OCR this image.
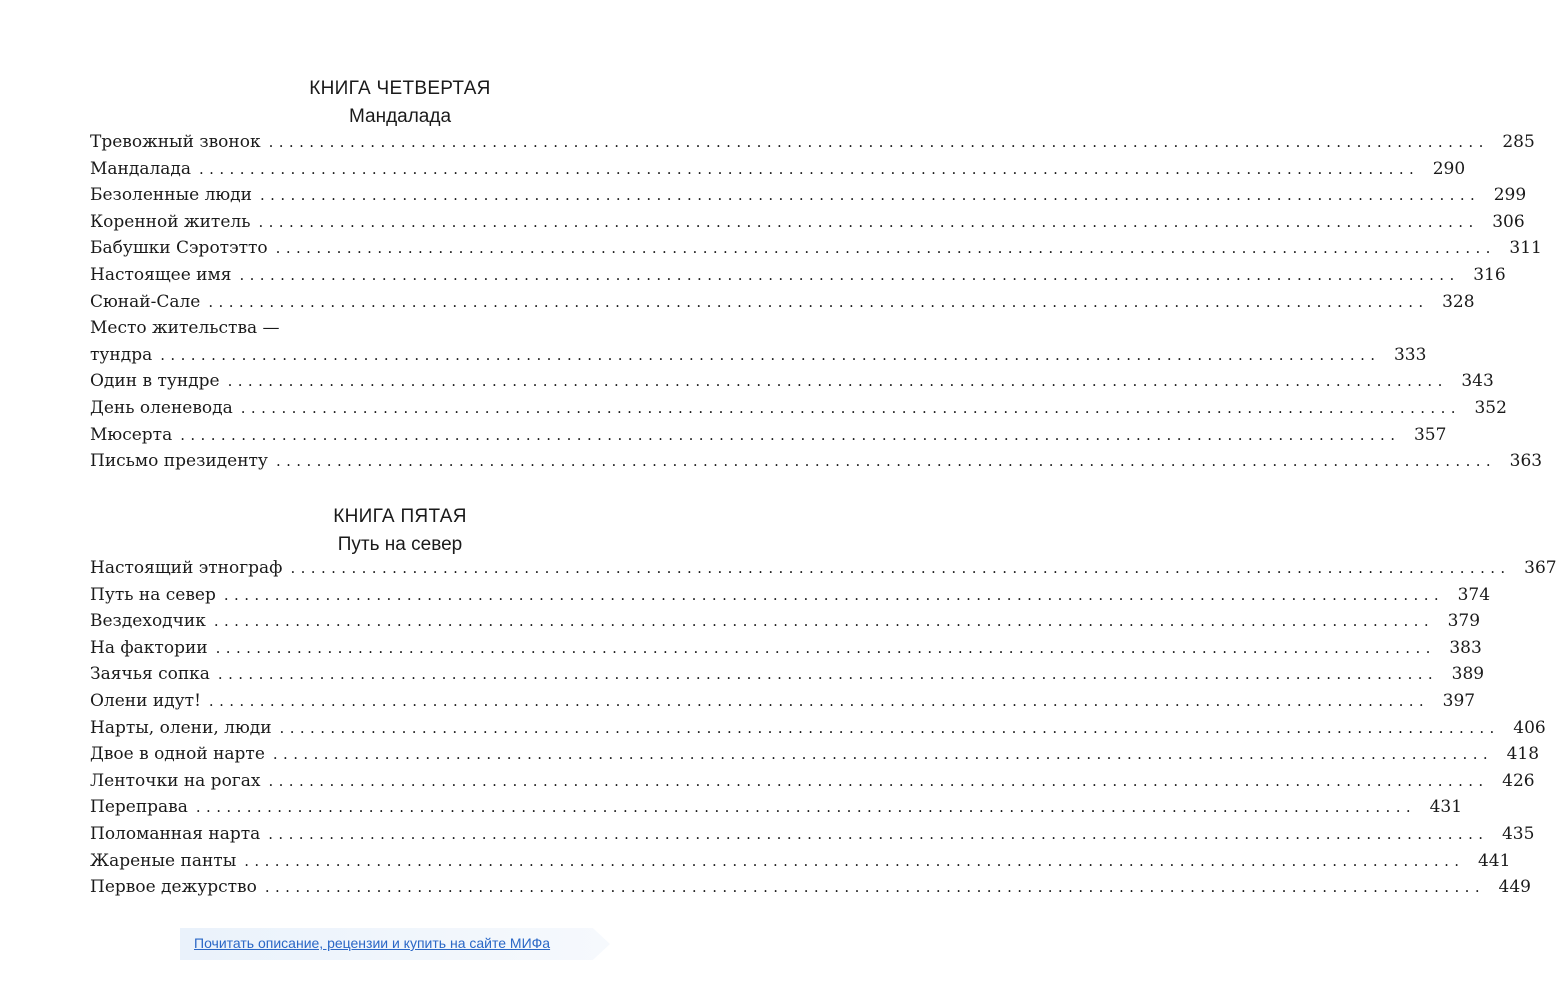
КНИГА ЧЕТВЕРТАЯ
Мандалада
Тревожный звонок ........................................................................................................................ 285
Мандалада ........................................................................................................................ 290
Безоленные люди ........................................................................................................................ 299
Коренной житель ........................................................................................................................ 306
Бабушки Сэротэтто ........................................................................................................................ 311
Настоящее имя ........................................................................................................................ 316
Сюнай-Сале ........................................................................................................................ 328
Место жительства —
тундра ........................................................................................................................ 333
Один в тундре ........................................................................................................................ 343
День оленевода ........................................................................................................................ 352
Мюсерта ........................................................................................................................ 357
Письмо президенту ........................................................................................................................ 363
КНИГА ПЯТАЯ
Путь на север
Настоящий этнограф ........................................................................................................................ 367
Путь на север ........................................................................................................................ 374
Вездеходчик ........................................................................................................................ 379
На фактории ........................................................................................................................ 383
Заячья сопка ........................................................................................................................ 389
Олени идут! ........................................................................................................................ 397
Нарты, олени, люди ........................................................................................................................ 406
Двое в одной нарте ........................................................................................................................ 418
Ленточки на рогах ........................................................................................................................ 426
Переправа ........................................................................................................................ 431
Поломанная нарта ........................................................................................................................ 435
Жареные панты ........................................................................................................................ 441
Первое дежурство ........................................................................................................................ 449
Почитать описание, рецензии и купить на сайте МИФа
